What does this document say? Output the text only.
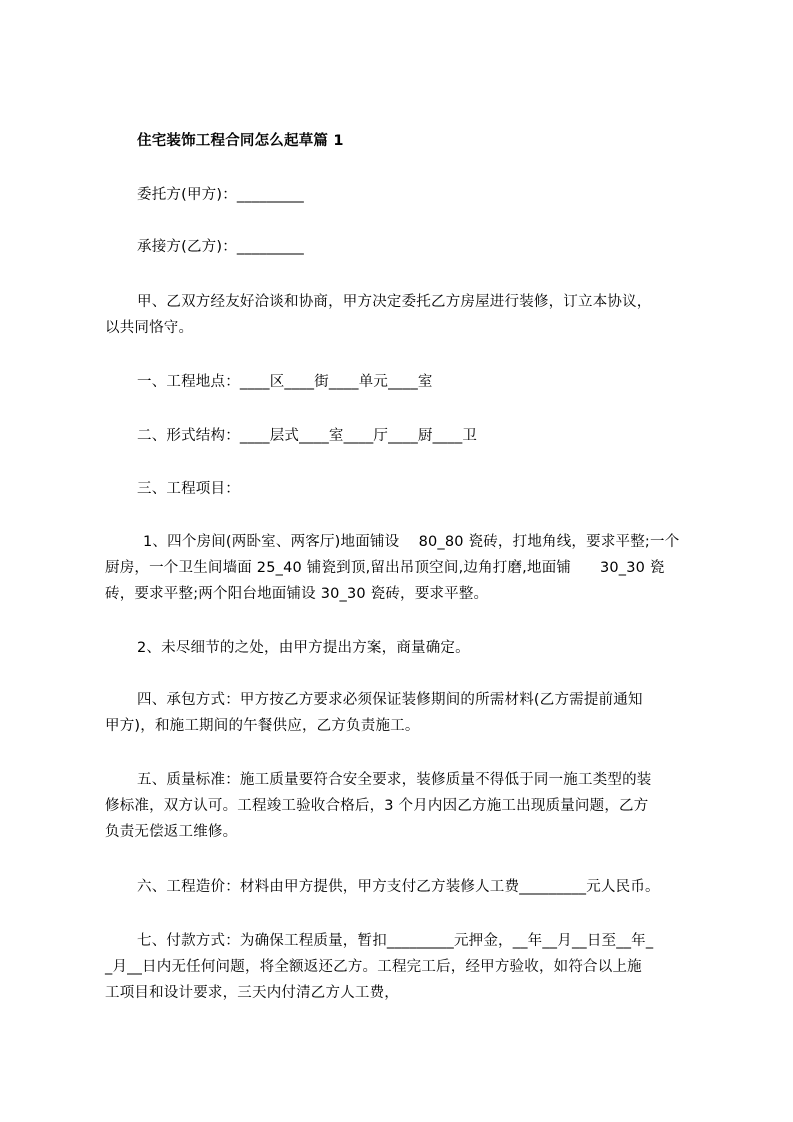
住宅装饰工程合同怎么起草篇 1
委托方(甲方)：_________
承接方(乙方)：_________
甲、乙双方经友好洽谈和协商，甲方决定委托乙方房屋进行装修，订立本协议，
以共同恪守。
一、工程地点：____区____街____单元____室
二、形式结构：____层式____室____厅____厨____卫
三、工程项目：
1、四个房间(两卧室、两客厅)地面铺设    80_80 瓷砖，打地角线，要求平整;一个
厨房，一个卫生间墙面 25_40 铺瓷到顶,留出吊顶空间,边角打磨,地面铺      30_30 瓷
砖，要求平整;两个阳台地面铺设 30_30 瓷砖，要求平整。
2、未尽细节的之处，由甲方提出方案，商量确定。
四、承包方式：甲方按乙方要求必须保证装修期间的所需材料(乙方需提前通知
甲方)，和施工期间的午餐供应，乙方负责施工。
五、质量标准：施工质量要符合安全要求，装修质量不得低于同一施工类型的装
修标准，双方认可。工程竣工验收合格后，3 个月内因乙方施工出现质量问题，乙方
负责无偿返工维修。
六、工程造价：材料由甲方提供，甲方支付乙方装修人工费_________元人民币。
七、付款方式：为确保工程质量，暂扣_________元押金，__年__月__日至__年_
_月__日内无任何问题，将全额返还乙方。工程完工后，经甲方验收，如符合以上施
工项目和设计要求，三天内付清乙方人工费，
